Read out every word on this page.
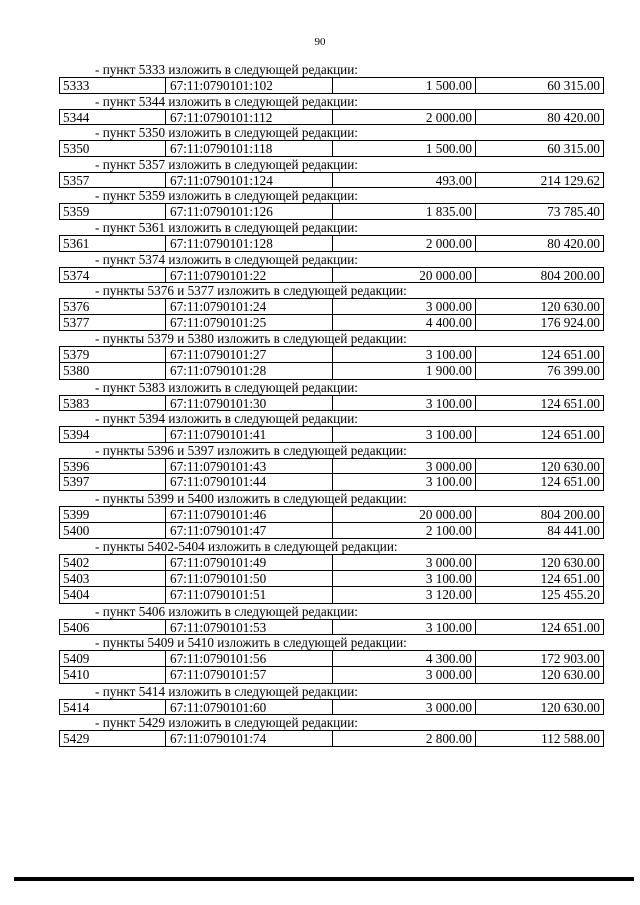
90
- пункт 5333 изложить в следующей редакции:
5333	67:11:0790101:102	1 500.00	60 315.00
- пункт 5344 изложить в следующей редакции:
5344	67:11:0790101:112	2 000.00	80 420.00
- пункт 5350 изложить в следующей редакции:
5350	67:11:0790101:118	1 500.00	60 315.00
- пункт 5357 изложить в следующей редакции:
5357	67:11:0790101:124	493.00	214 129.62
- пункт 5359 изложить в следующей редакции:
5359	67:11:0790101:126	1 835.00	73 785.40
- пункт 5361 изложить в следующей редакции:
5361	67:11:0790101:128	2 000.00	80 420.00
- пункт 5374 изложить в следующей редакции:
5374	67:11:0790101:22	20 000.00	804 200.00
- пункты 5376 и 5377 изложить в следующей редакции:
5376	67:11:0790101:24	3 000.00	120 630.00
5377	67:11:0790101:25	4 400.00	176 924.00
- пункты 5379 и 5380 изложить в следующей редакции:
5379	67:11:0790101:27	3 100.00	124 651.00
5380	67:11:0790101:28	1 900.00	76 399.00
- пункт 5383 изложить в следующей редакции:
5383	67:11:0790101:30	3 100.00	124 651.00
- пункт 5394 изложить в следующей редакции:
5394	67:11:0790101:41	3 100.00	124 651.00
- пункты 5396 и 5397 изложить в следующей редакции:
5396	67:11:0790101:43	3 000.00	120 630.00
5397	67:11:0790101:44	3 100.00	124 651.00
- пункты 5399 и 5400 изложить в следующей редакции:
5399	67:11:0790101:46	20 000.00	804 200.00
5400	67:11:0790101:47	2 100.00	84 441.00
- пункты 5402-5404 изложить в следующей редакции:
5402	67:11:0790101:49	3 000.00	120 630.00
5403	67:11:0790101:50	3 100.00	124 651.00
5404	67:11:0790101:51	3 120.00	125 455.20
- пункт 5406 изложить в следующей редакции:
5406	67:11:0790101:53	3 100.00	124 651.00
- пункты 5409 и 5410 изложить в следующей редакции:
5409	67:11:0790101:56	4 300.00	172 903.00
5410	67:11:0790101:57	3 000.00	120 630.00
- пункт 5414 изложить в следующей редакции:
5414	67:11:0790101:60	3 000.00	120 630.00
- пункт 5429 изложить в следующей редакции:
5429	67:11:0790101:74	2 800.00	112 588.00
